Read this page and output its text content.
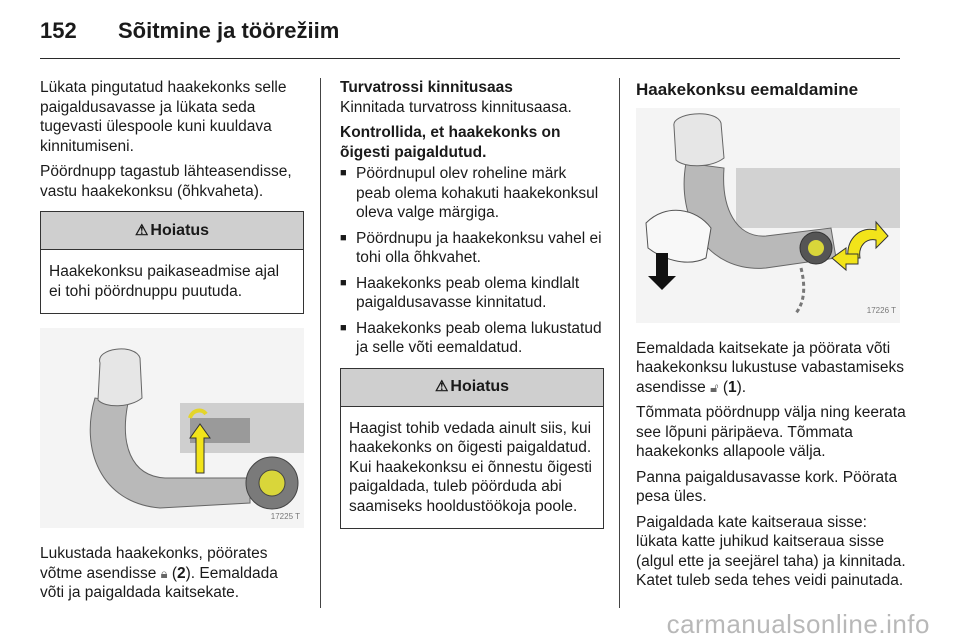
152	Sõitmine ja töörežiim

Lükata pingutatud haakekonks selle paigaldusavasse ja lükata seda tugevasti ülespoole kuni kuuldava kinnitumiseni.

Pöördnupp tagastub lähteasendisse, vastu haakekonksu (õhkvaheta).

⚠ Hoiatus
Haakekonksu paikaseadmise ajal ei tohi pöördnuppu puutuda.
17225 T

Lukustada haakekonks, pöörates võtme asendisse 🔒︎ (2). Eemaldada võti ja paigaldada kaitsekate.

Turvatrossi kinnitusaas

Kinnitada turvatross kinnitusaasa.

Kontrollida, et haakekonks on õigesti paigaldutud.
■ Pöördnupul olev roheline märk peab olema kohakuti haakekonksul oleva valge märgiga.
■ Pöördnupu ja haakekonksu vahel ei tohi olla õhkvahet.
■ Haakekonks peab olema kindlalt paigaldusavasse kinnitatud.
■ Haakekonks peab olema lukustatud ja selle võti eemaldatud.
⚠ Hoiatus
Haagist tohib vedada ainult siis, kui haakekonks on õigesti paigaldatud. Kui haakekonksu ei õnnestu õigesti paigaldada, tuleb pöörduda abi saamiseks hooldustöökoja poole.
Haakekonksu eemaldamine
17226 T

Eemaldada kaitsekate ja pöörata võti haakekonksu lukustuse vabastamiseks asendisse 🔓︎ (1).

Tõmmata pöördnupp välja ning keerata see lõpuni päripäeva. Tõmmata haakekonks allapoole välja.

Panna paigaldusavasse kork. Pöörata pesa üles.

Paigaldada kate kaitseraua sisse: lükata katte juhikud kaitseraua sisse (algul ette ja seejärel taha) ja kinnitada. Katet tuleb seda tehes veidi painutada.

carmanualsonline.info
